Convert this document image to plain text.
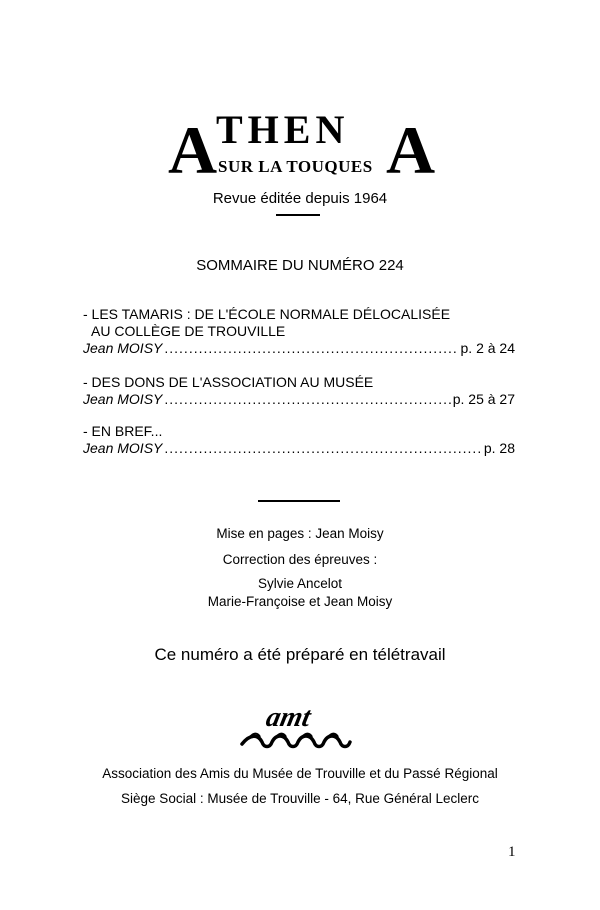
A
THEN
SUR LA TOUQUES A
Revue éditée depuis 1964
SOMMAIRE DU NUMÉRO 224
- LES TAMARIS : DE L'ÉCOLE NORMALE DÉLOCALISÉE
AU COLLÈGE DE TROUVILLE
Jean MOISY .....	p. 2 à 24
- DES DONS DE L'ASSOCIATION AU MUSÉE
Jean MOISY .....	p. 25 à 27
- EN BREF...
Jean MOISY .....	p. 28
Mise en pages : Jean Moisy
Correction des épreuves :
Sylvie Ancelot
Marie-Françoise et Jean Moisy
Ce numéro a été préparé en télétravail
amt
Association des Amis du Musée de Trouville et du Passé Régional
Siège Social : Musée de Trouville - 64, Rue Général Leclerc
1
